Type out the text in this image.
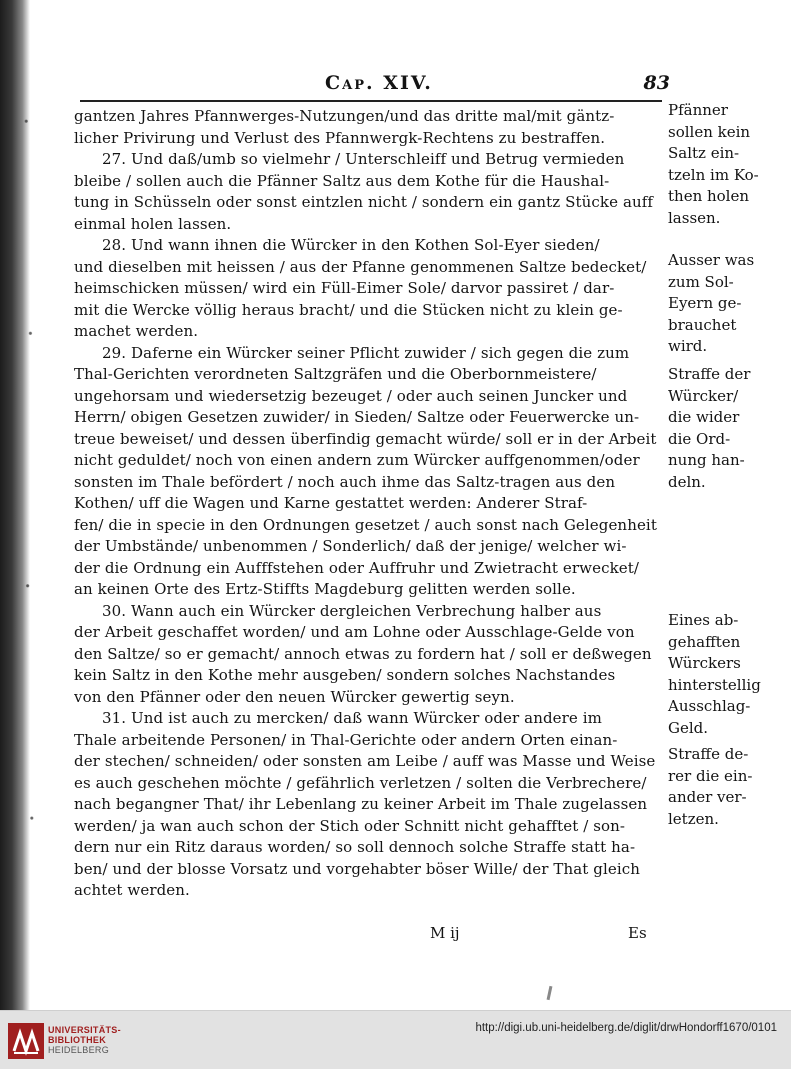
Cap. XIV.	83
gantzen Jahres Pfannwerges-Nutzungen/und das dritte mal/mit gäntz-
licher Privirung und Verlust des Pfannwergk-Rechtens zu bestraffen.
27. Und daß/umb so vielmehr / Unterschleiff und Betrug vermieden
bleibe / sollen auch die Pfänner Saltz aus dem Kothe für die Haushal-
tung in Schüsseln oder sonst eintzlen nicht / sondern ein gantz Stücke auff
einmal holen lassen.
28. Und wann ihnen die Würcker in den Kothen Sol-Eyer sieden/
und dieselben mit heissen / aus der Pfanne genommenen Saltze bedecket/
heimschicken müssen/ wird ein Füll-Eimer Sole/ darvor passiret / dar-
mit die Wercke völlig heraus bracht/ und die Stücken nicht zu klein ge-
machet werden.
29. Daferne ein Würcker seiner Pflicht zuwider / sich gegen die zum
Thal-Gerichten verordneten Saltzgräfen und die Oberbornmeistere/
ungehorsam und wiedersetzig bezeuget / oder auch seinen Juncker und
Herrn/ obigen Gesetzen zuwider/ in Sieden/ Saltze oder Feuerwercke un-
treue beweiset/ und dessen überfindig gemacht würde/ soll er in der Arbeit
nicht geduldet/ noch von einen andern zum Würcker auffgenommen/oder
sonsten im Thale befördert / noch auch ihme das Saltz-tragen aus den
Kothen/ uff die Wagen und Karne gestattet werden: Anderer Straf-
fen/ die in specie in den Ordnungen gesetzet / auch sonst nach Gelegenheit
der Umbstände/ unbenommen / Sonderlich/ daß der jenige/ welcher wi-
der die Ordnung ein Aufffstehen oder Auffruhr und Zwietracht erwecket/
an keinen Orte des Ertz-Stiffts Magdeburg gelitten werden solle.
30. Wann auch ein Würcker dergleichen Verbrechung halber aus
der Arbeit geschaffet worden/ und am Lohne oder Ausschlage-Gelde von
den Saltze/ so er gemacht/ annoch etwas zu fordern hat / soll er deßwegen
kein Saltz in den Kothe mehr ausgeben/ sondern solches Nachstandes
von den Pfänner oder den neuen Würcker gewertig seyn.
31. Und ist auch zu mercken/ daß wann Würcker oder andere im
Thale arbeitende Personen/ in Thal-Gerichte oder andern Orten einan-
der stechen/ schneiden/ oder sonsten am Leibe / auff was Masse und Weise
es auch geschehen möchte / gefährlich verletzen / solten die Verbrechere/
nach begangner That/ ihr Lebenlang zu keiner Arbeit im Thale zugelassen
werden/ ja wan auch schon der Stich oder Schnitt nicht gehafftet / son-
dern nur ein Ritz daraus worden/ so soll dennoch solche Straffe statt ha-
ben/ und der blosse Vorsatz und vorgehabter böser Wille/ der That gleich
achtet werden.
Pfänner
sollen kein
Saltz ein-
tzeln im Ko-
then holen
lassen.
Ausser was
zum Sol-
Eyern ge-
brauchet
wird.
Straffe der
Würcker/
die wider
die Ord-
nung han-
deln.
Eines ab-
gehafften
Würckers
hinterstellig
Ausschlag-
Geld.
Straffe de-
rer die ein-
ander ver-
letzen.
M ij	Es
UNIVERSITÄTS-
BIBLIOTHEK
HEIDELBERG
http://digi.ub.uni-heidelberg.de/diglit/drwHondorff1670/0101
